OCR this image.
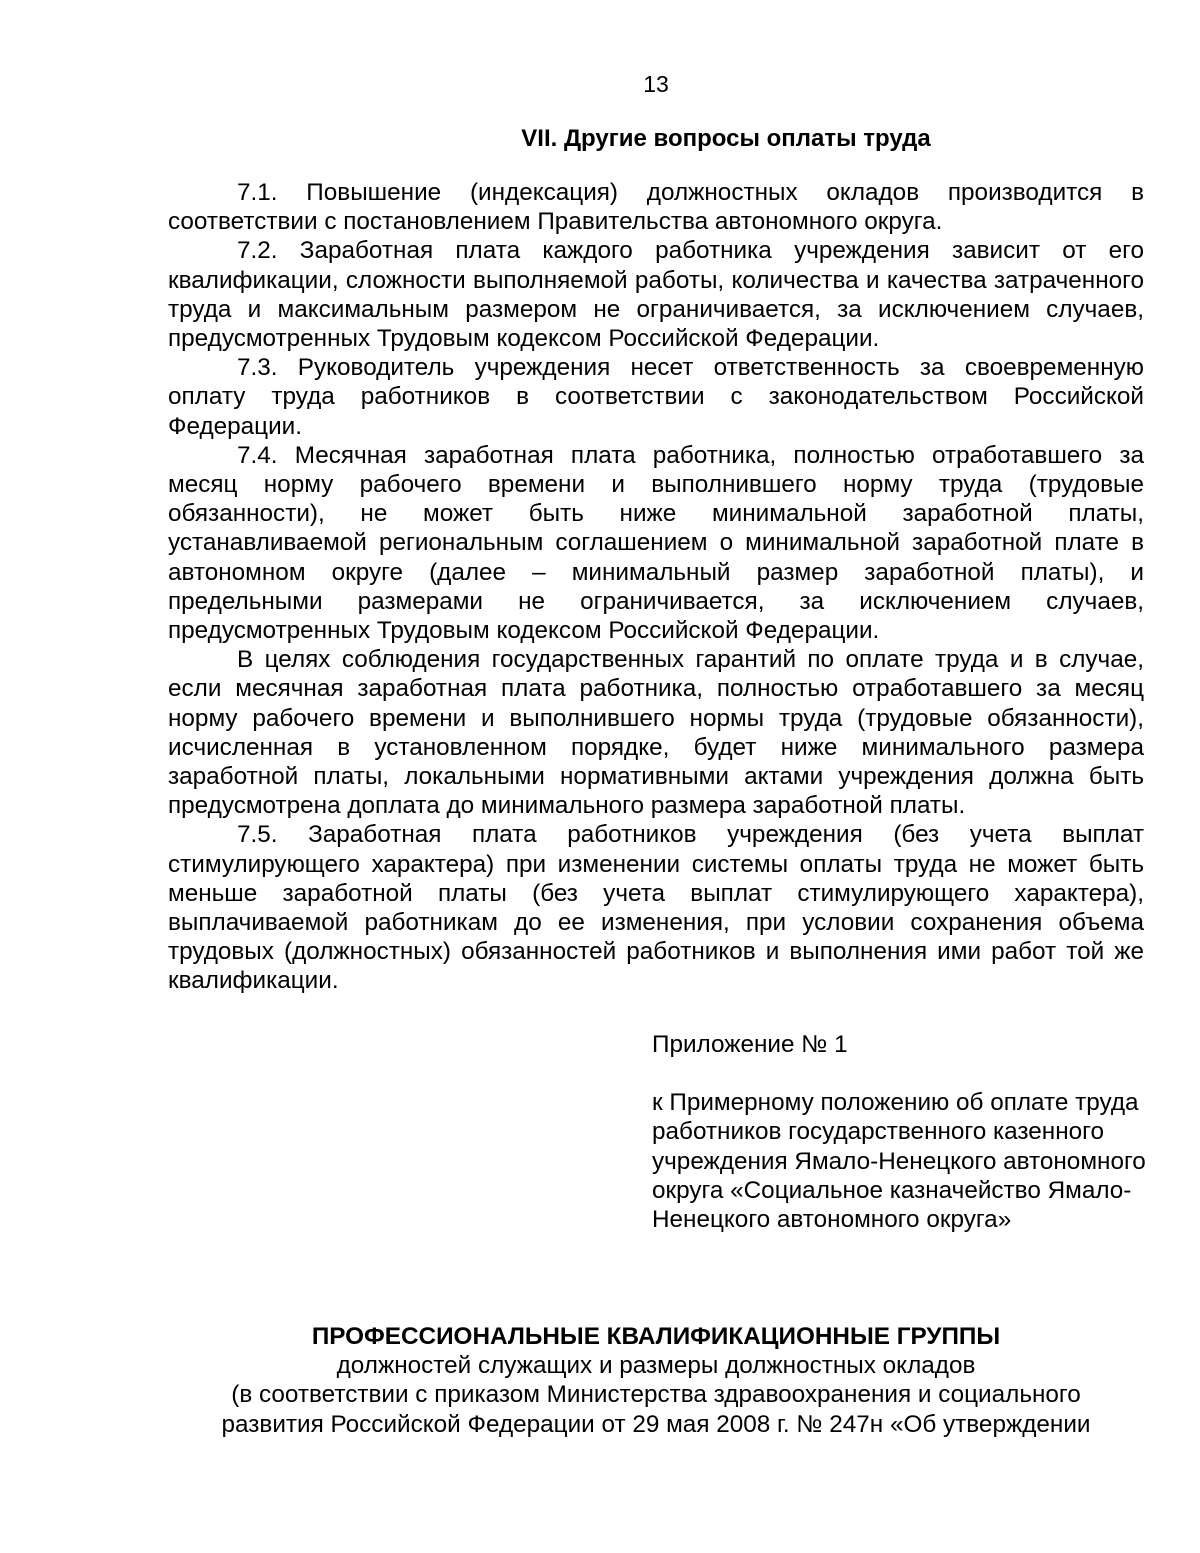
13
VII. Другие вопросы оплаты труда

7.1. Повышение (индексация) должностных окладов производится в соответствии с постановлением Правительства автономного округа.

7.2. Заработная плата каждого работника учреждения зависит от его квалификации, сложности выполняемой работы, количества и качества затраченного труда и максимальным размером не ограничивается, за исключением случаев, предусмотренных Трудовым кодексом Российской Федерации.

7.3. Руководитель учреждения несет ответственность за своевременную оплату труда работников в соответствии с законодательством Российской Федерации.

7.4. Месячная заработная плата работника, полностью отработавшего за месяц норму рабочего времени и выполнившего норму труда (трудовые обязанности), не может быть ниже минимальной заработной платы, устанавливаемой региональным соглашением о минимальной заработной плате в автономном округе (далее – минимальный размер заработной платы), и предельными размерами не ограничивается, за исключением случаев, предусмотренных Трудовым кодексом Российской Федерации.

В целях соблюдения государственных гарантий по оплате труда и в случае, если месячная заработная плата работника, полностью отработавшего за месяц норму рабочего времени и выполнившего нормы труда (трудовые обязанности), исчисленная в установленном порядке, будет ниже минимального размера заработной платы, локальными нормативными актами учреждения должна быть предусмотрена доплата до минимального размера заработной платы.

7.5. Заработная плата работников учреждения (без учета выплат стимулирующего характера) при изменении системы оплаты труда не может быть меньше заработной платы (без учета выплат стимулирующего характера), выплачиваемой работникам до ее изменения, при условии сохранения объема трудовых (должностных) обязанностей работников и выполнения ими работ той же квалификации.

Приложение № 1

к Примерному положению об оплате труда работников государственного казенного учреждения Ямало-Ненецкого автономного округа «Социальное казначейство Ямало-Ненецкого автономного округа»

ПРОФЕССИОНАЛЬНЫЕ КВАЛИФИКАЦИОННЫЕ ГРУППЫ

должностей служащих и размеры должностных окладов

(в соответствии с приказом Министерства здравоохранения и социального

развития Российской Федерации от 29 мая 2008 г. № 247н «Об утверждении
